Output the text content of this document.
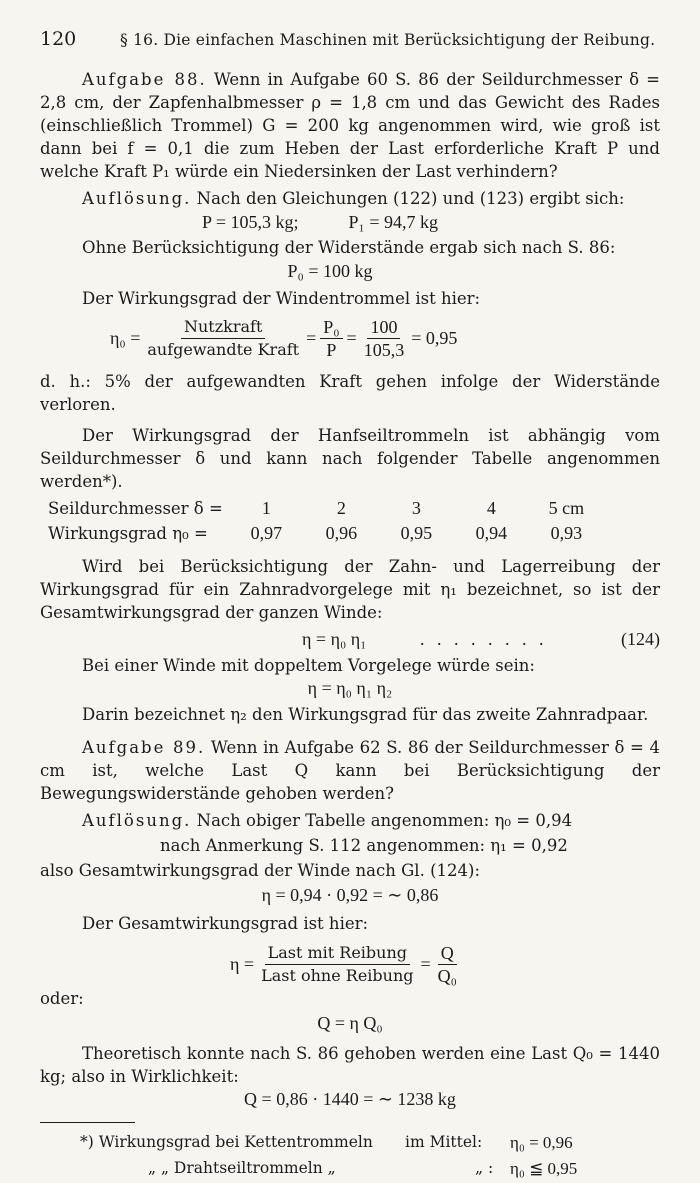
120	§ 16. Die einfachen Maschinen mit Berücksichtigung der Reibung.

Aufgabe 88. Wenn in Aufgabe 60 S. 86 der Seildurchmesser δ = 2,8 cm, der Zapfenhalbmesser ρ = 1,8 cm und das Gewicht des Rades (einschließlich Trommel) G = 200 kg angenommen wird, wie groß ist dann bei f = 0,1 die zum Heben der Last erforderliche Kraft P und welche Kraft P₁ würde ein Niedersinken der Last verhindern?

Auflösung. Nach den Gleichungen (122) und (123) ergibt sich:

P = 105,3 kg;	P₁ = 94,7 kg

Ohne Berücksichtigung der Widerstände ergab sich nach S. 86:

P₀ = 100 kg

Der Wirkungsgrad der Windentrommel ist hier:

$\eta_0 = \frac{\text{Nutzkraft}}{\text{aufgewandte Kraft}} = \frac{\text{P₀}}{P} = \frac{100}{105,3} = 0,95$

d. h.: 5% der aufgewandten Kraft gehen infolge der Widerstände verloren.

Der Wirkungsgrad der Hanfseiltrommeln ist abhängig vom Seildurchmesser δ und kann nach folgender Tabelle angenommen werden*).

Seildurchmesser δ =	1	2	3	4	5 cm
Wirkungsgrad η₀ =	0,97	0,96	0,95	0,94	0,93

Wird bei Berücksichtigung der Zahn- und Lagerreibung der Wirkungsgrad für ein Zahnradvorgelege mit η₁ bezeichnet, so ist der Gesamtwirkungsgrad der ganzen Winde:

η = η₀ η₁	. . . . . . . .	(124)

Bei einer Winde mit doppeltem Vorgelege würde sein:

η = η₀ η₁ η₂

Darin bezeichnet η₂ den Wirkungsgrad für das zweite Zahnradpaar.

Aufgabe 89. Wenn in Aufgabe 62 S. 86 der Seildurchmesser δ = 4 cm ist, welche Last Q kann bei Berücksichtigung der Bewegungswiderstände gehoben werden?

Auflösung. Nach obiger Tabelle angenommen: η₀ = 0,94

nach Anmerkung S. 112 angenommen: η₁ = 0,92

also Gesamtwirkungsgrad der Winde nach Gl. (124):

η = 0,94 · 0,92 = ∼ 0,86

Der Gesamtwirkungsgrad ist hier:

$\eta = \frac{\text{Last mit Reibung}}{\text{Last ohne Reibung}} = \frac{Q}{\text{Q₀}}$

oder:

Q = η Q₀

Theoretisch konnte nach S. 86 gehoben werden eine Last Q₀ = 1440 kg; also in Wirklichkeit:

Q = 0,86 · 1440 = ∼ 1238 kg
*) Wirkungsgrad bei Kettentrommeln	im Mittel:	η₀ = 0,96
„ „ Drahtseiltrommeln „	„ : η₀ ≦ 0,95
